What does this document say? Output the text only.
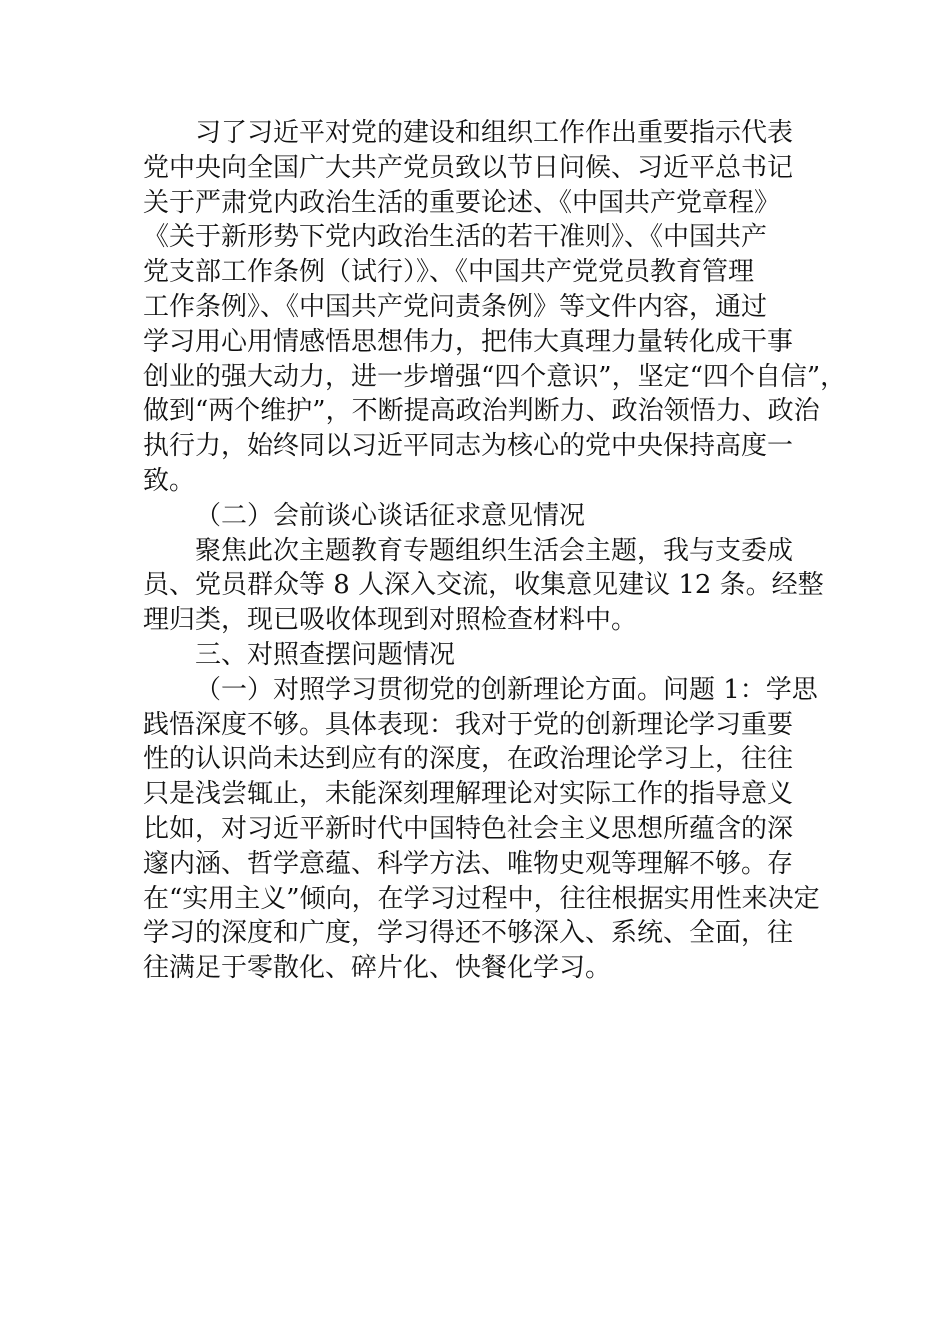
习了习近平对党的建设和组织工作作出重要指示代表
党中央向全国广大共产党员致以节日问候、习近平总书记
关于严肃党内政治生活的重要论述、《中国共产党章程》
《关于新形势下党内政治生活的若干准则》、《中国共产
党支部工作条例（试行）》、《中国共产党党员教育管理
工作条例》、《中国共产党问责条例》等文件内容，通过
学习用心用情感悟思想伟力，把伟大真理力量转化成干事
创业的强大动力，进一步增强“四个意识”，坚定“四个自信”，
做到“两个维护”，不断提高政治判断力、政治领悟力、政治
执行力，始终同以习近平同志为核心的党中央保持高度一
致。

（二）会前谈心谈话征求意见情况

聚焦此次主题教育专题组织生活会主题，我与支委成
员、党员群众等 8 人深入交流，收集意见建议 12 条。经整
理归类，现已吸收体现到对照检查材料中。

三、对照查摆问题情况

（一）对照学习贯彻党的创新理论方面。问题 1：学思
践悟深度不够。具体表现：我对于党的创新理论学习重要
性的认识尚未达到应有的深度，在政治理论学习上，往往
只是浅尝辄止，未能深刻理解理论对实际工作的指导意义
比如，对习近平新时代中国特色社会主义思想所蕴含的深
邃内涵、哲学意蕴、科学方法、唯物史观等理解不够。存
在“实用主义”倾向，在学习过程中，往往根据实用性来决定
学习的深度和广度，学习得还不够深入、系统、全面，往
往满足于零散化、碎片化、快餐化学习。
